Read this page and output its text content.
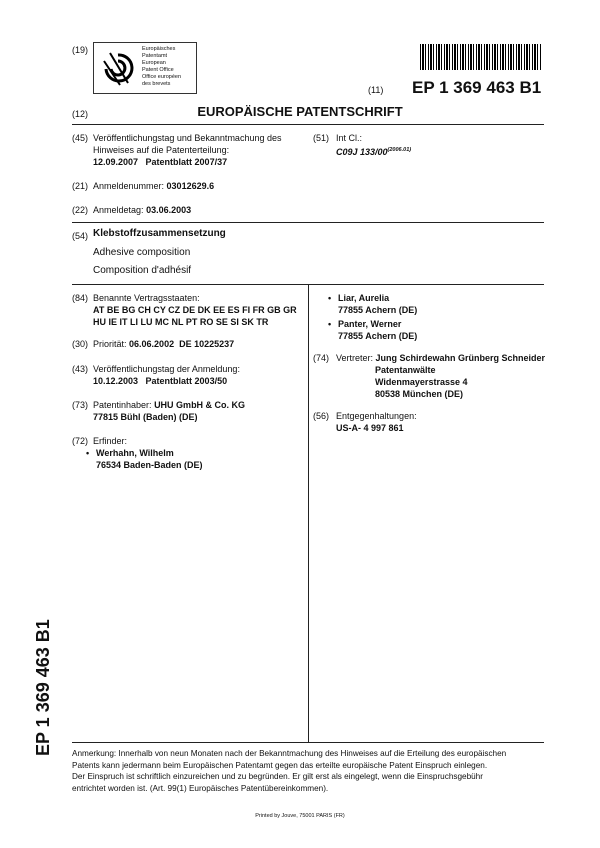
(19)	Europäisches
Patentamt
European
Patent Office
Office européen
des brevets
(11) EP 1 369 463 B1
(12)	EUROPÄISCHE PATENTSCHRIFT
(45) Veröffentlichungstag und Bekanntmachung des
Hinweises auf die Patenterteilung:
12.09.2007   Patentblatt 2007/37
(51) Int Cl.:
C09J $133/00^{(2006.01)}$
(21) Anmeldenummer: 03012629.6
(22) Anmeldetag: 03.06.2003
(54) Klebstoffzusammensetzung
Adhesive composition
Composition d'adhésif
(84) Benannte Vertragsstaaten:
AT BE BG CH CY CZ DE DK EE ES FI FR GB GR
HU IE IT LI LU MC NL PT RO SE SI SK TR
(30) Priorität: 06.06.2002  DE 10225237
(43) Veröffentlichungstag der Anmeldung:
10.12.2003   Patentblatt 2003/50
(73) Patentinhaber: UHU GmbH & Co. KG
77815 Bühl (Baden) (DE)
(72) Erfinder:
• Werhahn, Wilhelm
76534 Baden-Baden (DE)
• Liar, Aurelia
77855 Achern (DE)
• Panter, Werner
77855 Achern (DE)
(74) Vertreter: Jung Schirdewahn Grünberg Schneider
Patentanwälte
Widenmayerstrasse 4
80538 München (DE)
(56) Entgegenhaltungen:
US-A- 4 997 861
EP 1 369 463 B1 Anmerkung: Innerhalb von neun Monaten nach der Bekanntmachung des Hinweises auf die Erteilung des europäischen
Patents kann jedermann beim Europäischen Patentamt gegen das erteilte europäische Patent Einspruch einlegen.
Der Einspruch ist schriftlich einzureichen und zu begründen. Er gilt erst als eingelegt, wenn die Einspruchsgebühr
entrichtet worden ist. (Art. 99(1) Europäisches Patentübereinkommen).
Printed by Jouve, 75001 PARIS (FR)
